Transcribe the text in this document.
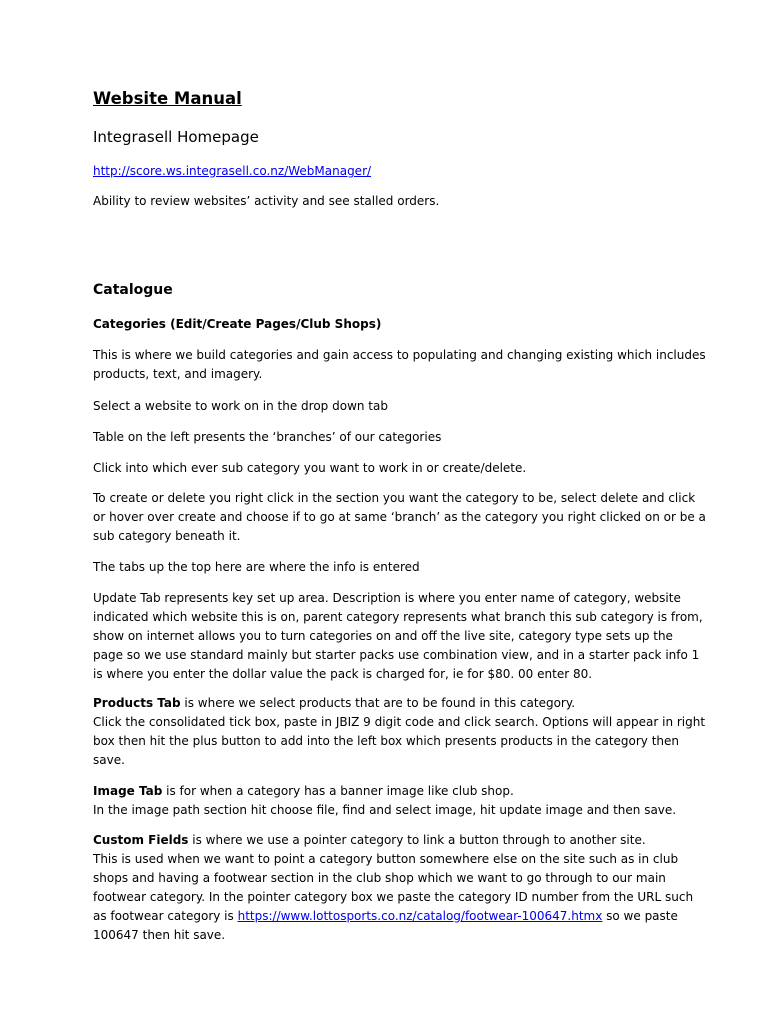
Website Manual
Integrasell Homepage
http://score.ws.integrasell.co.nz/WebManager/
Ability to review websites’ activity and see stalled orders.
Catalogue
Categories (Edit/Create Pages/Club Shops)
This is where we build categories and gain access to populating and changing existing which includes
products, text, and imagery.
Select a website to work on in the drop down tab
Table on the left presents the ‘branches’ of our categories
Click into which ever sub category you want to work in or create/delete.
To create or delete you right click in the section you want the category to be, select delete and click
or hover over create and choose if to go at same ‘branch’ as the category you right clicked on or be a
sub category beneath it.
The tabs up the top here are where the info is entered
Update Tab represents key set up area. Description is where you enter name of category, website
indicated which website this is on, parent category represents what branch this sub category is from,
show on internet allows you to turn categories on and off the live site, category type sets up the
page so we use standard mainly but starter packs use combination view, and in a starter pack info 1
is where you enter the dollar value the pack is charged for, ie for $80. 00 enter 80.
Products Tab is where we select products that are to be found in this category.
Click the consolidated tick box, paste in JBIZ 9 digit code and click search. Options will appear in right
box then hit the plus button to add into the left box which presents products in the category then
save.
Image Tab is for when a category has a banner image like club shop.
In the image path section hit choose file, find and select image, hit update image and then save.
Custom Fields is where we use a pointer category to link a button through to another site.
This is used when we want to point a category button somewhere else on the site such as in club
shops and having a footwear section in the club shop which we want to go through to our main
footwear category. In the pointer category box we paste the category ID number from the URL such
as footwear category is https://www.lottosports.co.nz/catalog/footwear-100647.htmx so we paste
100647 then hit save.
